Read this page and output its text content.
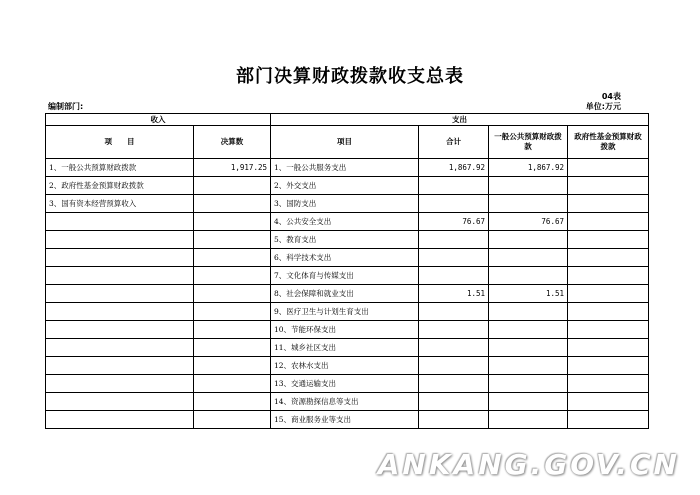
部门决算财政拨款收支总表
04表
编制部门:	单位:万元
收入		支出			
项　　目	决算数	项目	合计	一般公共预算财政拨款	政府性基金预算财政拨款
1、一般公共预算财政拨款	1,917.25	1、一般公共服务支出	1,867.92	1,867.92	
2、政府性基金预算财政拨款		2、外交支出			
3、国有资本经营预算收入		3、国防支出			
		4、公共安全支出	76.67	76.67	
		5、教育支出			
		6、科学技术支出			
		7、文化体育与传媒支出			
		8、社会保障和就业支出	1.51	1.51	
		9、医疗卫生与计划生育支出			
		10、节能环保支出			
		11、城乡社区支出			
		12、农林水支出			
		13、交通运输支出			
		14、资源勘探信息等支出			
		15、商业服务业等支出			
ANKANG.GOV.CN
